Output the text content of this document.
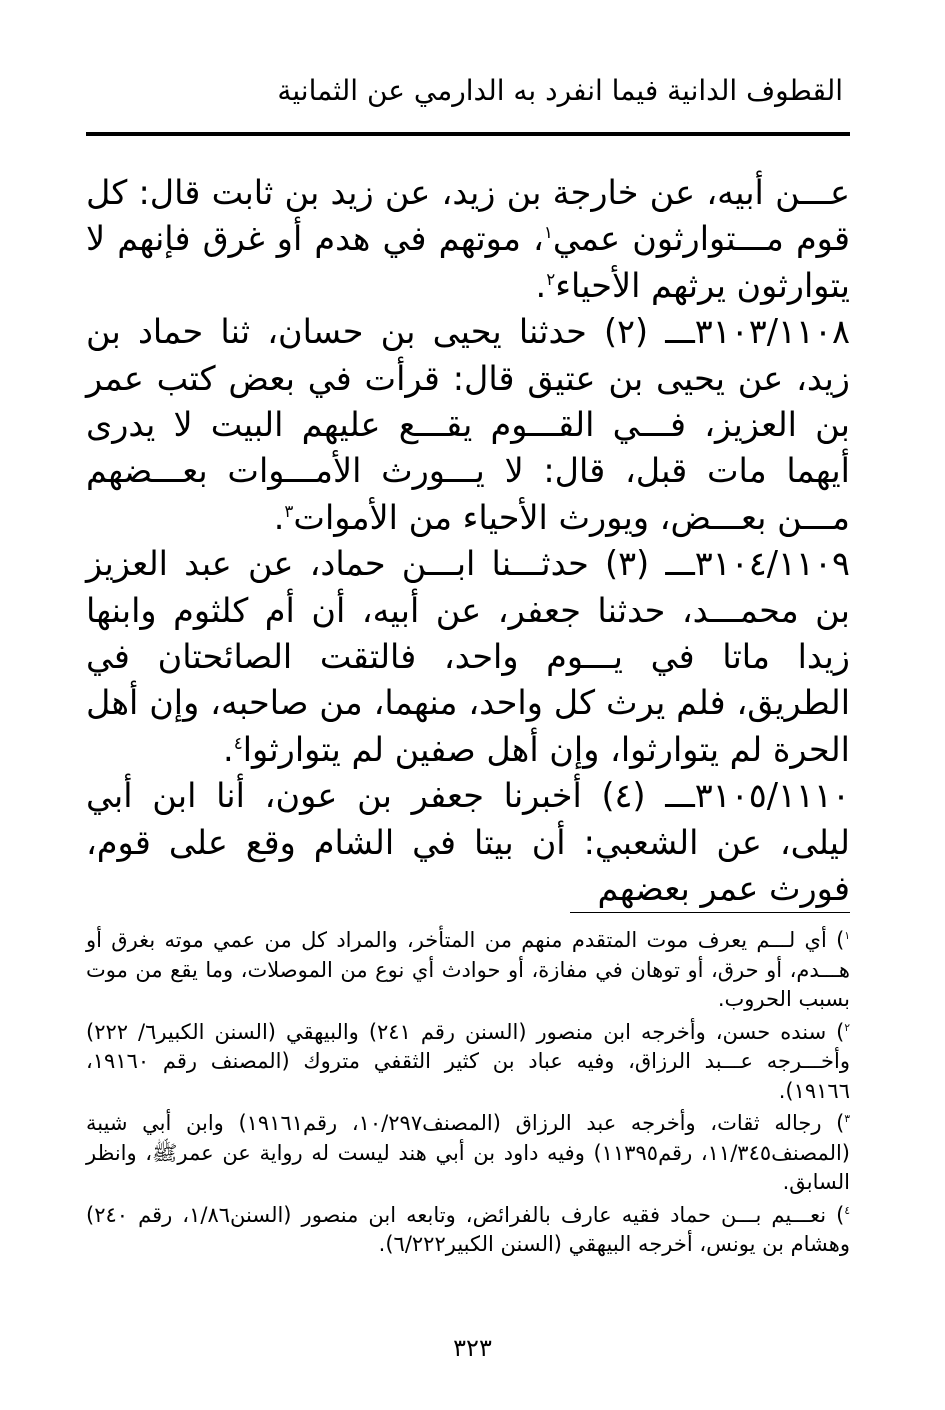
القطوف الدانية فيما انفرد به الدارمي عن الثمانية

عـــن أبيه، عن خارجة بن زيد، عن زيد بن ثابت قال: كل قوم مـــتوارثون عمي$^١$، موتهم في هدم أو غرق فإنهم لا يتوارثون يرثهم الأحياء$^٢$.

٣١٠٣/١١٠٨ـــ (٢) حدثنا يحيى بن حسان، ثنا حماد بن زيد، عن يحيى بن عتيق قال: قرأت في بعض كتب عمر بن العزيز، فـــي القـــوم يقـــع عليهم البيت لا يدرى أيهما مات قبل، قال: لا يـــورث الأمـــوات بعـــضهم مـــن بعـــض، ويورث الأحياء من الأموات$^٣$.

٣١٠٤/١١٠٩ـــ (٣) حدثـــنا ابـــن حماد، عن عبد العزيز بن محمـــد، حدثنا جعفر، عن أبيه، أن أم كلثوم وابنها زيدا ماتا في يـــوم واحد، فالتقت الصائحتان في الطريق، فلم يرث كل واحد، منهما، من صاحبه، وإن أهل الحرة لم يتوارثوا، وإن أهل صفين لم يتوارثوا$^٤$.

٣١٠٥/١١١٠ـــ (٤) أخبرنا جعفر بن عون، أنا ابن أبي ليلى، عن الشعبي: أن بيتا في الشام وقع على قوم، فورث عمر بعضهم

$^١$) أي لـــم يعرف موت المتقدم منهم من المتأخر، والمراد كل من عمي موته بغرق أو هـــدم، أو حرق، أو توهان في مفازة، أو حوادث أي نوع من الموصلات، وما يقع من موت بسبب الحروب.

$^٢$) سنده حسن، وأخرجه ابن منصور (السنن رقم ٢٤١) والبيهقي (السنن الكبير٦/ ٢٢٢) وأخـــرجه عـــبد الرزاق، وفيه عباد بن كثير الثقفي متروك (المصنف رقم ١٩١٦٠، ١٩١٦٦).

$^٣$) رجاله ثقات، وأخرجه عبد الرزاق (المصنف١٠/٢٩٧، رقم١٩١٦١) وابن أبي شيبة (المصنف١١/٣٤٥، رقم١١٣٩٥) وفيه داود بن أبي هند ليست له رواية عن عمرﷺ، وانظر السابق.

$^٤$) نعـــيم بـــن حماد فقيه عارف بالفرائض، وتابعه ابن منصور (السنن١/٨٦، رقم ٢٤٠) وهشام بن يونس، أخرجه البيهقي (السنن الكبير٦/٢٢٢).

٣٢٣
